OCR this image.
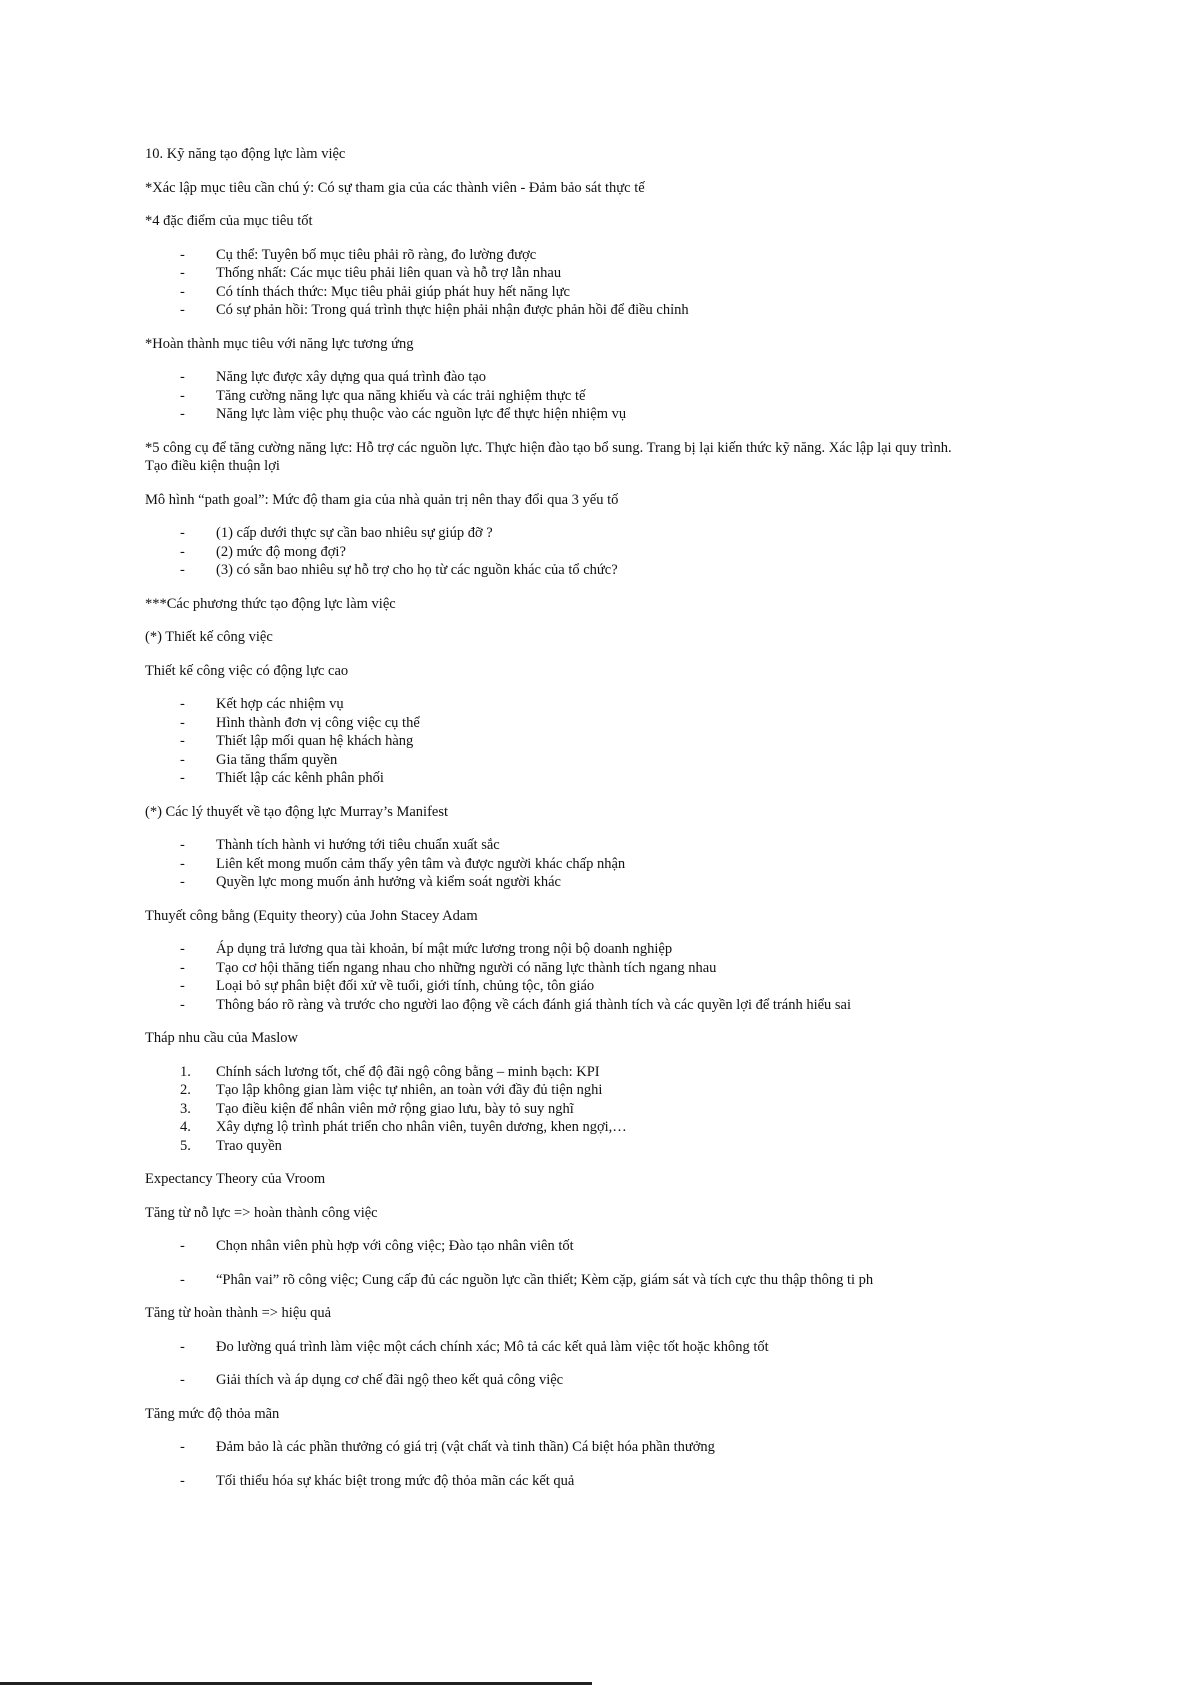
10. Kỹ năng tạo động lực làm việc

*Xác lập mục tiêu cần chú ý: Có sự tham gia của các thành viên - Đảm bảo sát thực tế

*4 đặc điểm của mục tiêu tốt

- Cụ thể: Tuyên bố mục tiêu phải rõ ràng, đo lường được
- Thống nhất: Các mục tiêu phải liên quan và hỗ trợ lẫn nhau
- Có tính thách thức: Mục tiêu phải giúp phát huy hết năng lực
- Có sự phản hồi: Trong quá trình thực hiện phải nhận được phản hồi để điều chỉnh

*Hoàn thành mục tiêu với năng lực tương ứng

- Năng lực được xây dựng qua quá trình đào tạo
- Tăng cường năng lực qua năng khiếu và các trải nghiệm thực tế
- Năng lực làm việc phụ thuộc vào các nguồn lực để thực hiện nhiệm vụ

*5 công cụ để tăng cường năng lực: Hỗ trợ các nguồn lực. Thực hiện đào tạo bổ sung. Trang bị lại kiến thức kỹ năng. Xác lập lại quy trình. Tạo điều kiện thuận lợi

Mô hình “path goal”: Mức độ tham gia của nhà quản trị nên thay đổi qua 3 yếu tố

- (1) cấp dưới thực sự cần bao nhiêu sự giúp đỡ ?
- (2) mức độ mong đợi?
- (3) có sẵn bao nhiêu sự hỗ trợ cho họ từ các nguồn khác của tổ chức?

***Các phương thức tạo động lực làm việc

(*) Thiết kế công việc

Thiết kế công việc có động lực cao

- Kết hợp các nhiệm vụ
- Hình thành đơn vị công việc cụ thể
- Thiết lập mối quan hệ khách hàng
- Gia tăng thẩm quyền
- Thiết lập các kênh phân phối

(*) Các lý thuyết về tạo động lực Murray’s Manifest

- Thành tích hành vi hướng tới tiêu chuẩn xuất sắc
- Liên kết mong muốn cảm thấy yên tâm và được người khác chấp nhận
- Quyền lực mong muốn ảnh hưởng và kiểm soát người khác

Thuyết công bằng (Equity theory) của John Stacey Adam

- Áp dụng trả lương qua tài khoản, bí mật mức lương trong nội bộ doanh nghiệp
- Tạo cơ hội thăng tiến ngang nhau cho những người có năng lực thành tích ngang nhau
- Loại bỏ sự phân biệt đối xử về tuổi, giới tính, chủng tộc, tôn giáo
- Thông báo rõ ràng và trước cho người lao động về cách đánh giá thành tích và các quyền lợi để tránh hiểu sai

Tháp nhu cầu của Maslow

1. Chính sách lương tốt, chế độ đãi ngộ công bằng – minh bạch: KPI
2. Tạo lập không gian làm việc tự nhiên, an toàn với đầy đủ tiện nghi
3. Tạo điều kiện để nhân viên mở rộng giao lưu, bày tỏ suy nghĩ
4. Xây dựng lộ trình phát triển cho nhân viên, tuyên dương, khen ngợi,…
5. Trao quyền

Expectancy Theory của Vroom

Tăng từ nỗ lực => hoàn thành công việc

- Chọn nhân viên phù hợp với công việc; Đào tạo nhân viên tốt
- “Phân vai” rõ công việc; Cung cấp đủ các nguồn lực cần thiết; Kèm cặp, giám sát và tích cực thu thập thông ti ph

Tăng từ hoàn thành => hiệu quả

- Đo lường quá trình làm việc một cách chính xác; Mô tả các kết quả làm việc tốt hoặc không tốt
- Giải thích và áp dụng cơ chế đãi ngộ theo kết quả công việc

Tăng mức độ thỏa mãn

- Đảm bảo là các phần thưởng có giá trị (vật chất và tinh thần) Cá biệt hóa phần thưởng
- Tối thiểu hóa sự khác biệt trong mức độ thỏa mãn các kết quả
